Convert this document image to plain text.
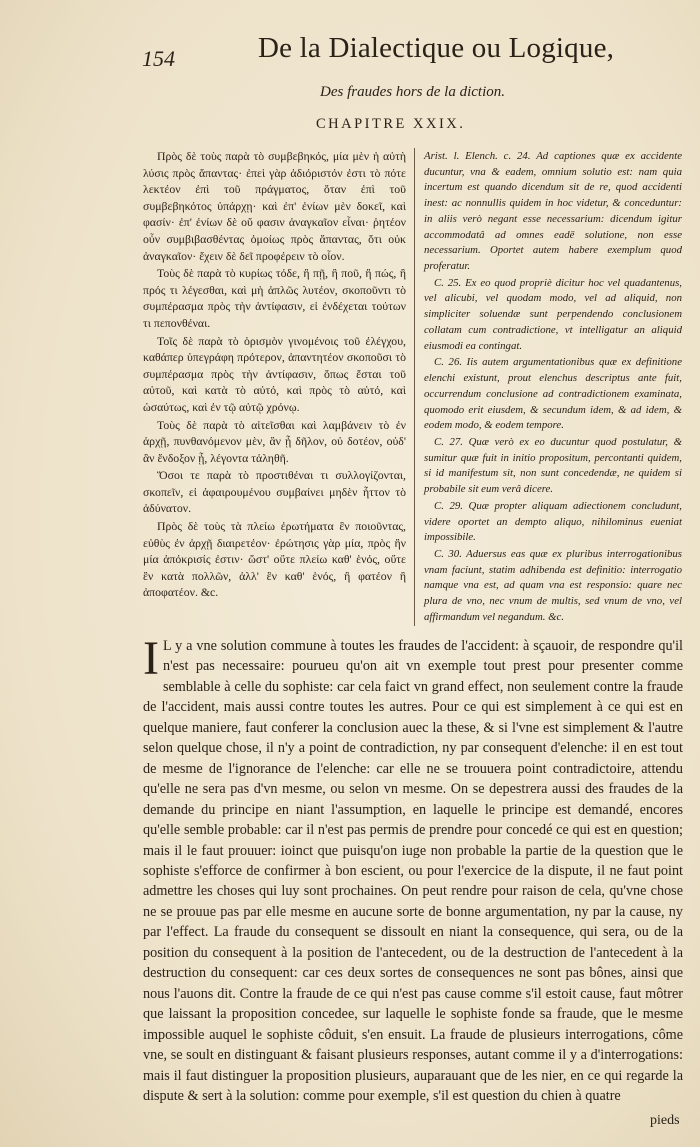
154	De la Dialectique ou Logique,
Des fraudes hors de la diction.
CHAPITRE XXIX.

Πρὸς δὲ τοὺς παρὰ τὸ συμβεβηκός, μία μὲν ἡ αὐτὴ λύσις πρὸς ἅπαντας· ἐπεὶ γὰρ ἀδιόριστόν ἐστι τὸ πότε λεκτέον ἐπὶ τοῦ πράγματος, ὅταν ἐπὶ τοῦ συμβεβηκότος ὑπάρχῃ· καὶ ἐπ' ἐνίων μὲν δοκεῖ, καὶ φασίν· ἐπ' ἐνίων δὲ οὔ φασιν ἀναγκαῖον εἶναι· ῥητέον οὖν συμβιβασθέντας ὁμοίως πρὸς ἅπαντας, ὅτι οὐκ ἀναγκαῖον· ἔχειν δὲ δεῖ προφέρειν τὸ οἷον.

Τοὺς δὲ παρὰ τὸ κυρίως τόδε, ἢ πῇ, ἢ ποῦ, ἢ πώς, ἢ πρός τι λέγεσθαι, καὶ μὴ ἁπλῶς λυτέον, σκοποῦντι τὸ συμπέρασμα πρὸς τὴν ἀντίφασιν, εἰ ἐνδέχεται τούτων τι πεπονθέναι.

Τοῖς δὲ παρὰ τὸ ὁρισμὸν γινομένοις τοῦ ἐλέγχου, καθάπερ ὑπεγράφη πρότερον, ἀπαντητέον σκοποῦσι τὸ συμπέρασμα πρὸς τὴν ἀντίφασιν, ὅπως ἔσται τοῦ αὐτοῦ, καὶ κατὰ τὸ αὐτό, καὶ πρὸς τὸ αὐτό, καὶ ὡσαύτως, καὶ ἐν τῷ αὐτῷ χρόνῳ.

Τοὺς δὲ παρὰ τὸ αἰτεῖσθαι καὶ λαμβάνειν τὸ ἐν ἀρχῇ, πυνθανόμενον μὲν, ἂν ᾖ δῆλον, οὐ δοτέον, οὐδ' ἂν ἔνδοξον ᾖ, λέγοντα τἀληθῆ.

Ὅσοι τε παρὰ τὸ προστιθέναι τι συλλογίζονται, σκοπεῖν, εἰ ἀφαιρουμένου συμβαίνει μηδὲν ἧττον τὸ ἀδύνατον.

Πρὸς δὲ τοὺς τὰ πλείω ἐρωτήματα ἓν ποιοῦντας, εὐθὺς ἐν ἀρχῇ διαιρετέον· ἐρώτησις γὰρ μία, πρὸς ἣν μία ἀπόκρισίς ἐστιν· ὥστ' οὔτε πλείω καθ' ἑνός, οὔτε ἓν κατὰ πολλῶν, ἀλλ' ἓν καθ' ἑνός, ἢ φατέον ἢ ἀποφατέον. &c.

Arist. l. Elench. c. 24. Ad captiones quæ ex accidente ducuntur, vna & eadem, omnium solutio est: nam quia incertum est quando dicendum sit de re, quod accidenti inest: ac nonnullis quidem in hoc videtur, & conceduntur: in aliis verò negant esse necessarium: dicendum igitur accommodatâ ad omnes eadē solutione, non esse necessarium. Oportet autem habere exemplum quod proferatur.

C. 25. Ex eo quod propriè dicitur hoc vel quadantenus, vel alicubi, vel quodam modo, vel ad aliquid, non simpliciter soluendæ sunt perpendendo conclusionem collatam cum contradictione, vt intelligatur an aliquid eiusmodi ea contingat.

C. 26. Iis autem argumentationibus quæ ex definitione elenchi existunt, prout elenchus descriptus ante fuit, occurrendum conclusione ad contradictionem examinata, quomodo erit eiusdem, & secundum idem, & ad idem, & eodem modo, & eodem tempore.

C. 27. Quæ verò ex eo ducuntur quod postulatur, & sumitur quæ fuit in initio propositum, percontanti quidem, si id manifestum sit, non sunt concedendæ, ne quidem si probabile sit eum verâ dicere.

C. 29. Quæ propter aliquam adiectionem concludunt, videre oportet an dempto aliquo, nihilominus eueniat impossibile.

C. 30. Aduersus eas quæ ex pluribus interrogationibus vnam faciunt, statim adhibenda est definitio: interrogatio namque vna est, ad quam vna est responsio: quare nec plura de vno, nec vnum de multis, sed vnum de vno, vel affirmandum vel negandum. &c.

I L y a vne solution commune à toutes les fraudes de l'accident: à sçauoir, de respondre qu'il n'est pas necessaire: pourueu qu'on ait vn exemple tout prest pour presenter comme semblable à celle du sophiste: car cela faict vn grand effect, non seulement contre la fraude de l'accident, mais aussi contre toutes les autres. Pour ce qui est simplement à ce qui est en quelque maniere, faut conferer la conclusion auec la these, & si l'vne est simplement & l'autre selon quelque chose, il n'y a point de contradiction, ny par consequent d'elenche: il en est tout de mesme de l'ignorance de l'elenche: car elle ne se trouuera point contradictoire, attendu qu'elle ne sera pas d'vn mesme, ou selon vn mesme. On se depestrera aussi des fraudes de la demande du principe en niant l'assumption, en laquelle le principe est demandé, encores qu'elle semble probable: car il n'est pas permis de prendre pour concedé ce qui est en question; mais il le faut prouuer: ioinct que puisqu'on iuge non probable la partie de la question que le sophiste s'efforce de confirmer à bon escient, ou pour l'exercice de la dispute, il ne faut point admettre les choses qui luy sont prochaines. On peut rendre pour raison de cela, qu'vne chose ne se prouue pas par elle mesme en aucune sorte de bonne argumentation, ny par la cause, ny par l'effect. La fraude du consequent se dissoult en niant la consequence, qui sera, ou de la position du consequent à la position de l'antecedent, ou de la destruction de l'antecedent à la destruction du consequent: car ces deux sortes de consequences ne sont pas bônes, ainsi que nous l'auons dit. Contre la fraude de ce qui n'est pas cause comme s'il estoit cause, faut môtrer que laissant la proposition concedee, sur laquelle le sophiste fonde sa fraude, que le mesme impossible auquel le sophiste côduit, s'en ensuit. La fraude de plusieurs interrogations, côme vne, se soult en distinguant & faisant plusieurs responses, autant comme il y a d'interrogations: mais il faut distinguer la proposition plusieurs, auparauant que de les nier, en ce qui regarde la dispute & sert à la solution: comme pour exemple, s'il est question du chien à quatre

pieds
